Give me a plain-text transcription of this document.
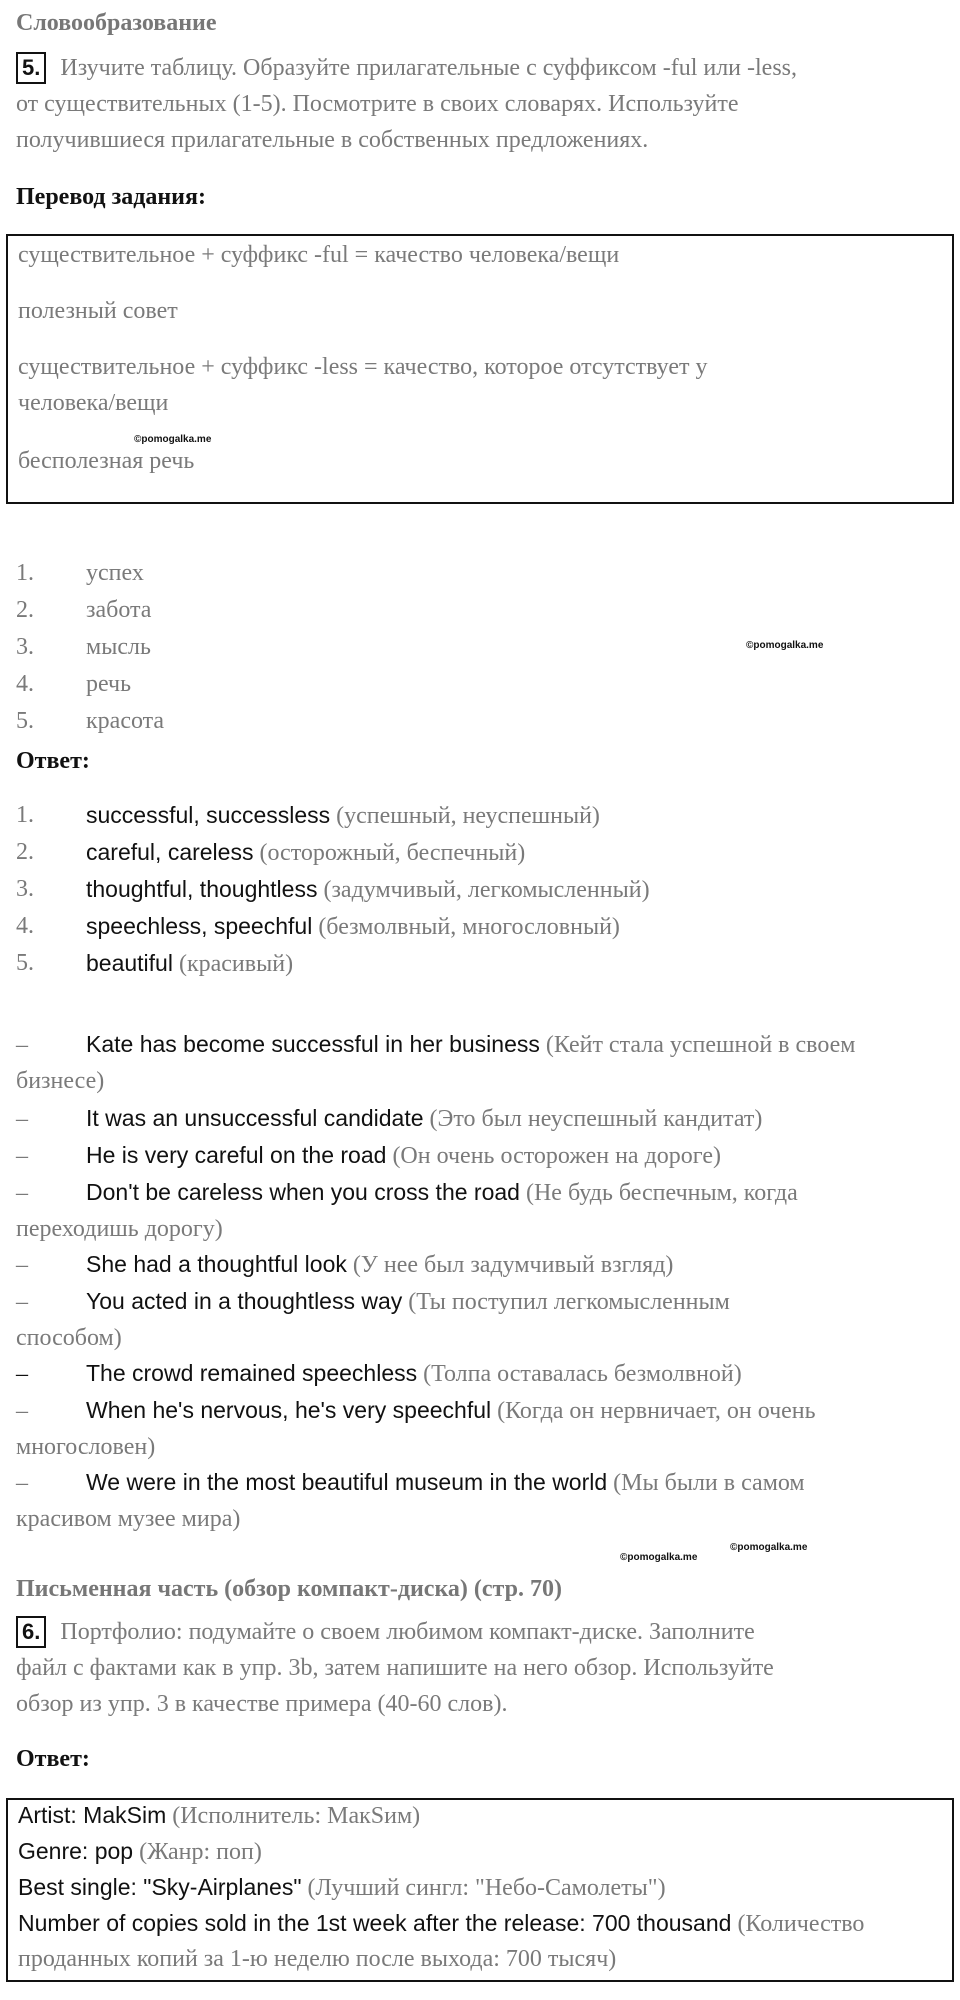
Словообразование
5. Изучите таблицу. Образуйте прилагательные с суффиксом -ful или -less,
от существительных (1-5). Посмотрите в своих словарях. Используйте
получившиеся прилагательные в собственных предложениях.
Перевод задания:
существительное + суффикс -ful = качество человека/вещи
полезный совет
существительное + суффикс -less = качество, которое отсутствует у
человека/вещи
©pomogalka.me
бесполезная речь
1.	успех
2.	забота
3.	мысль	©pomogalka.me
4.	речь
5.	красота
Ответ:
1.	successful, successless (успешный, неуспешный)
2.	careful, careless (осторожный, беспечный)
3.	thoughtful, thoughtless (задумчивый, легкомысленный)
4.	speechless, speechful (безмолвный, многословный)
5.	beautiful (красивый)
–	Kate has become successful in her business (Кейт стала успешной в своем
бизнесе)
–	It was an unsuccessful candidate (Это был неуспешный кандитат)
–	He is very careful on the road (Он очень осторожен на дороге)
–	Don't be careless when you cross the road (Не будь беспечным, когда
переходишь дорогу)
–	She had a thoughtful look (У нее был задумчивый взгляд)
–	You acted in a thoughtless way (Ты поступил легкомысленным
способом)
–	The crowd remained speechless (Толпа оставалась безмолвной)
–	When he's nervous, he's very speechful (Когда он нервничает, он очень
многословен)
–	We were in the most beautiful museum in the world (Мы были в самом
красивом музее мира)
©pomogalka.me
©pomogalka.me
Письменная часть (обзор компакт-диска) (стр. 70)
6. Портфолио: подумайте о своем любимом компакт-диске. Заполните
файл с фактами как в упр. 3b, затем напишите на него обзор. Используйте
обзор из упр. 3 в качестве примера (40-60 слов).
Ответ:
Artist: MakSim (Исполнитель: МакSим)
Genre: pop (Жанр: поп)
Best single: "Sky-Airplanes" (Лучший сингл: "Небо-Самолеты")
Number of copies sold in the 1st week after the release: 700 thousand (Количество
проданных копий за 1-ю неделю после выхода: 700 тысяч)
